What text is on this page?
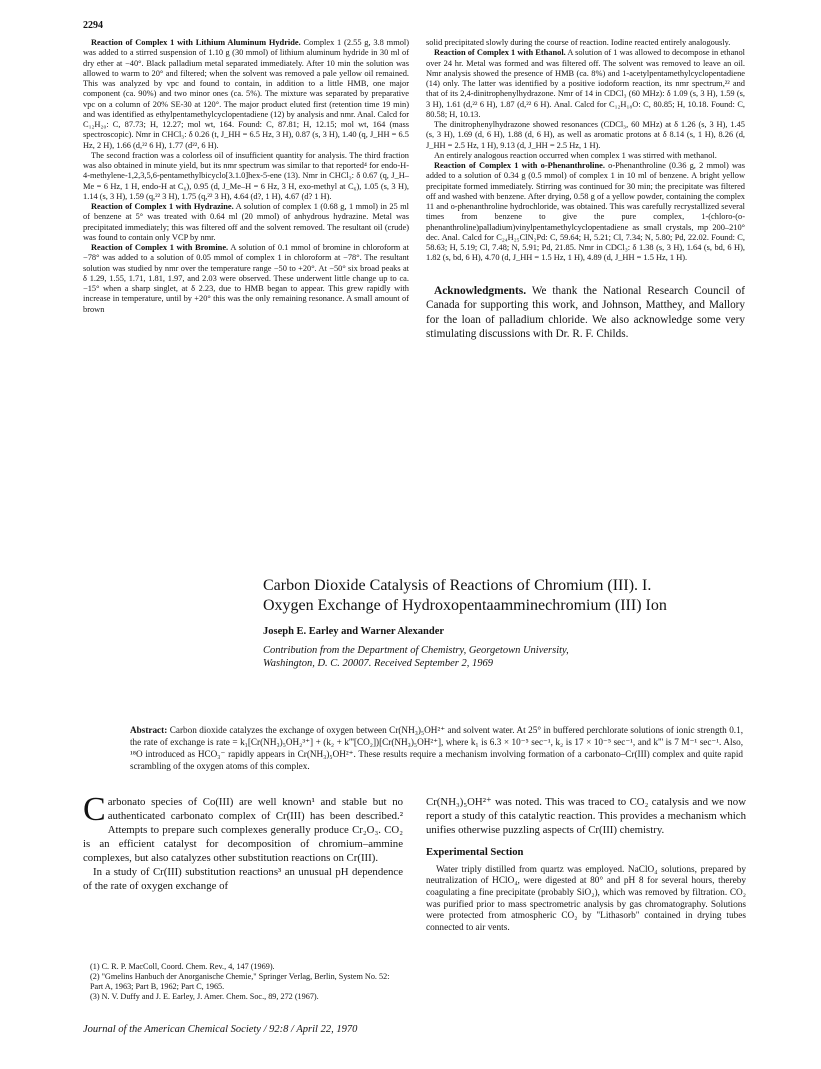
2294

Reaction of Complex 1 with Lithium Aluminum Hydride. Complex 1 (2.55 g, 3.8 mmol) was added to a stirred suspension of 1.10 g (30 mmol) of lithium aluminum hydride in 30 ml of dry ether at −40°. Black palladium metal separated immediately. After 10 min the solution was allowed to warm to 20° and filtered; when the solvent was removed a pale yellow oil remained. This was analyzed by vpc and found to contain, in addition to a little HMB, one major component (ca. 90%) and two minor ones (ca. 5%). The mixture was separated by preparative vpc on a column of 20% SE-30 at 120°. The major product eluted first (retention time 19 min) and was identified as ethylpentamethylcyclopentadiene (12) by analysis and nmr. Anal. Calcd for C₁₂H₂₀: C, 87.73; H, 12.27; mol wt, 164. Found: C, 87.81; H, 12.15; mol wt, 164 (mass spectroscopic). Nmr in CHCl₃: δ 0.26 (t, J_HH = 6.5 Hz, 3 H), 0.87 (s, 3 H), 1.40 (q, J_HH = 6.5 Hz, 2 H), 1.66 (d,²² 6 H), 1.77 (d²², 6 H).

The second fraction was a colorless oil of insufficient quantity for analysis. The third fraction was also obtained in minute yield, but its nmr spectrum was similar to that reported⁴ for endo-H-4-methylene-1,2,3,5,6-pentamethylbicyclo[3.1.0]hex-5-ene (13). Nmr in CHCl₃: δ 0.67 (q, J_H–Me = 6 Hz, 1 H, endo-H at C₆), 0.95 (d, J_Me–H = 6 Hz, 3 H, exo-methyl at C₆), 1.05 (s, 3 H), 1.14 (s, 3 H), 1.59 (q,²² 3 H), 1.75 (q,²² 3 H), 4.64 (d?, 1 H), 4.67 (d? 1 H).

Reaction of Complex 1 with Hydrazine. A solution of complex 1 (0.68 g, 1 mmol) in 25 ml of benzene at 5° was treated with 0.64 ml (20 mmol) of anhydrous hydrazine. Metal was precipitated immediately; this was filtered off and the solvent removed. The resultant oil (crude) was found to contain only VCP by nmr.

Reaction of Complex 1 with Bromine. A solution of 0.1 mmol of bromine in chloroform at −78° was added to a solution of 0.05 mmol of complex 1 in chloroform at −78°. The resultant solution was studied by nmr over the temperature range −50 to +20°. At −50° six broad peaks at δ 1.29, 1.55, 1.71, 1.81, 1.97, and 2.03 were observed. These underwent little change up to ca. −15° when a sharp singlet, at δ 2.23, due to HMB began to appear. This grew rapidly with increase in temperature, until by +20° this was the only remaining resonance. A small amount of brown

solid precipitated slowly during the course of reaction. Iodine reacted entirely analogously.

Reaction of Complex 1 with Ethanol. A solution of 1 was allowed to decompose in ethanol over 24 hr. Metal was formed and was filtered off. The solvent was removed to leave an oil. Nmr analysis showed the presence of HMB (ca. 8%) and 1-acetylpentamethylcyclopentadiene (14) only. The latter was identified by a positive iodoform reaction, its nmr spectrum,²² and that of its 2,4-dinitrophenylhydrazone. Nmr of 14 in CDCl₃ (60 MHz): δ 1.09 (s, 3 H), 1.59 (s, 3 H), 1.61 (d,²² 6 H), 1.87 (d,²² 6 H). Anal. Calcd for C₁₂H₁₈O: C, 80.85; H, 10.18. Found: C, 80.58; H, 10.13.

The dinitrophenylhydrazone showed resonances (CDCl₃, 60 MHz) at δ 1.26 (s, 3 H), 1.45 (s, 3 H), 1.69 (d, 6 H), 1.88 (d, 6 H), as well as aromatic protons at δ 8.14 (s, 1 H), 8.26 (d, J_HH = 2.5 Hz, 1 H), 9.13 (d, J_HH = 2.5 Hz, 1 H).

An entirely analogous reaction occurred when complex 1 was stirred with methanol.

Reaction of Complex 1 with o-Phenanthroline. o-Phenanthroline (0.36 g, 2 mmol) was added to a solution of 0.34 g (0.5 mmol) of complex 1 in 10 ml of benzene. A bright yellow precipitate formed immediately. Stirring was continued for 30 min; the precipitate was filtered off and washed with benzene. After drying, 0.58 g of a yellow powder, containing the complex 11 and o-phenanthroline hydrochloride, was obtained. This was carefully recrystallized several times from benzene to give the pure complex, 1-(chloro-(o-phenanthroline)palladium)vinylpentamethylcyclopentadiene as small crystals, mp 200–210° dec. Anal. Calcd for C₂₄H₂₅ClN₂Pd: C, 59.64; H, 5.21; Cl, 7.34; N, 5.80; Pd, 22.02. Found: C, 58.63; H, 5.19; Cl, 7.48; N, 5.91; Pd, 21.85. Nmr in CDCl₃: δ 1.38 (s, 3 H), 1.64 (s, bd, 6 H), 1.82 (s, bd, 6 H), 4.70 (d, J_HH = 1.5 Hz, 1 H), 4.89 (d, J_HH = 1.5 Hz, 1 H).

Acknowledgments. We thank the National Research Council of Canada for supporting this work, and Johnson, Matthey, and Mallory for the loan of palladium chloride. We also acknowledge some very stimulating discussions with Dr. R. F. Childs.

Carbon Dioxide Catalysis of Reactions of Chromium (III). I.
Oxygen Exchange of Hydroxopentaamminechromium (III) Ion

Joseph E. Earley and Warner Alexander

Contribution from the Department of Chemistry, Georgetown University,
Washington, D. C. 20007. Received September 2, 1969

Abstract: Carbon dioxide catalyzes the exchange of oxygen between Cr(NH₃)₅OH²⁺ and solvent water. At 25° in buffered perchlorate solutions of ionic strength 0.1, the rate of exchange is rate = k₁[Cr(NH₃)₅OH₂³⁺] + (k₂ + k'''[CO₂])[Cr(NH₃)₅OH²⁺], where k₁ is 6.3 × 10⁻⁵ sec⁻¹, k₂ is 17 × 10⁻⁵ sec⁻¹, and k''' is 7 M⁻¹ sec⁻¹. Also, ¹⁸O introduced as HCO₃⁻ rapidly appears in Cr(NH₃)₅OH²⁺. These results require a mechanism involving formation of a carbonato–Cr(III) complex and quite rapid scrambling of the oxygen atoms of this complex.

Carbonato species of Co(III) are well known¹ and stable but no authenticated carbonato complex of Cr(III) has been described.² Attempts to prepare such complexes generally produce Cr₂O₃. CO₂ is an efficient catalyst for decomposition of chromium–ammine complexes, but also catalyzes other substitution reactions on Cr(III).

In a study of Cr(III) substitution reactions³ an unusual pH dependence of the rate of oxygen exchange of

Cr(NH₃)₅OH²⁺ was noted. This was traced to CO₂ catalysis and we now report a study of this catalytic reaction. This provides a mechanism which unifies otherwise puzzling aspects of Cr(III) chemistry.

Experimental Section

Water triply distilled from quartz was employed. NaClO₄ solutions, prepared by neutralization of HClO₄, were digested at 80° and pH 8 for several hours, thereby coagulating a fine precipitate (probably SiO₂), which was removed by filtration. CO₂ was purified prior to mass spectrometric analysis by gas chromatography. Solutions were protected from atmospheric CO₂ by "Lithasorb" contained in drying tubes connected to air vents.

(1) C. R. P. MacColl, Coord. Chem. Rev., 4, 147 (1969).

(2) "Gmelins Hanbuch der Anorganische Chemie," Springer Verlag, Berlin, System No. 52: Part A, 1963; Part B, 1962; Part C, 1965.

(3) N. V. Duffy and J. E. Earley, J. Amer. Chem. Soc., 89, 272 (1967).

Journal of the American Chemical Society / 92:8 / April 22, 1970
